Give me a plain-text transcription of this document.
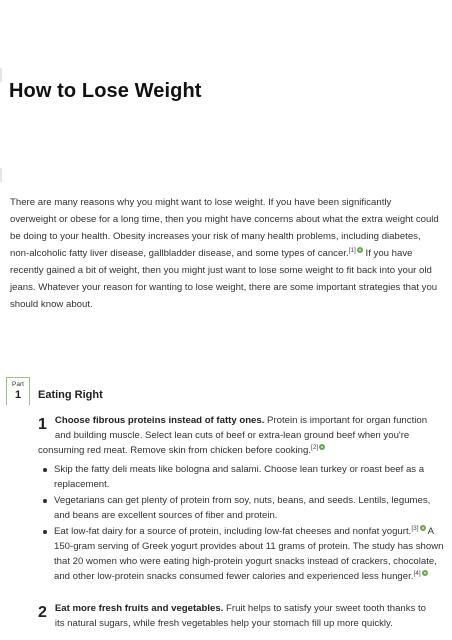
How to Lose Weight

There are many reasons why you might want to lose weight. If you have been significantly overweight or obese for a long time, then you might have concerns about what the extra weight could be doing to your health. Obesity increases your risk of many health problems, including diabetes, non-alcoholic fatty liver disease, gallbladder disease, and some types of cancer.[1] If you have recently gained a bit of weight, then you might just want to lose some weight to fit back into your old jeans. Whatever your reason for wanting to lose weight, there are some important strategies that you should know about.

Part
1	Eating Right

1 Choose fibrous proteins instead of fatty ones. Protein is important for organ function and building muscle. Select lean cuts of beef or extra-lean ground beef when you're consuming red meat. Remove skin from chicken before cooking.[2]

Skip the fatty deli meats like bologna and salami. Choose lean turkey or roast beef as a replacement.
Vegetarians can get plenty of protein from soy, nuts, beans, and seeds. Lentils, legumes, and beans are excellent sources of fiber and protein.
Eat low-fat dairy for a source of protein, including low-fat cheeses and nonfat yogurt.[3] A 150-gram serving of Greek yogurt provides about 11 grams of protein. The study has shown that 20 women who were eating high-protein yogurt snacks instead of crackers, chocolate, and other low-protein snacks consumed fewer calories and experienced less hunger.[4]

2 Eat more fresh fruits and vegetables. Fruit helps to satisfy your sweet tooth thanks to its natural sugars, while fresh vegetables help your stomach fill up more quickly.
